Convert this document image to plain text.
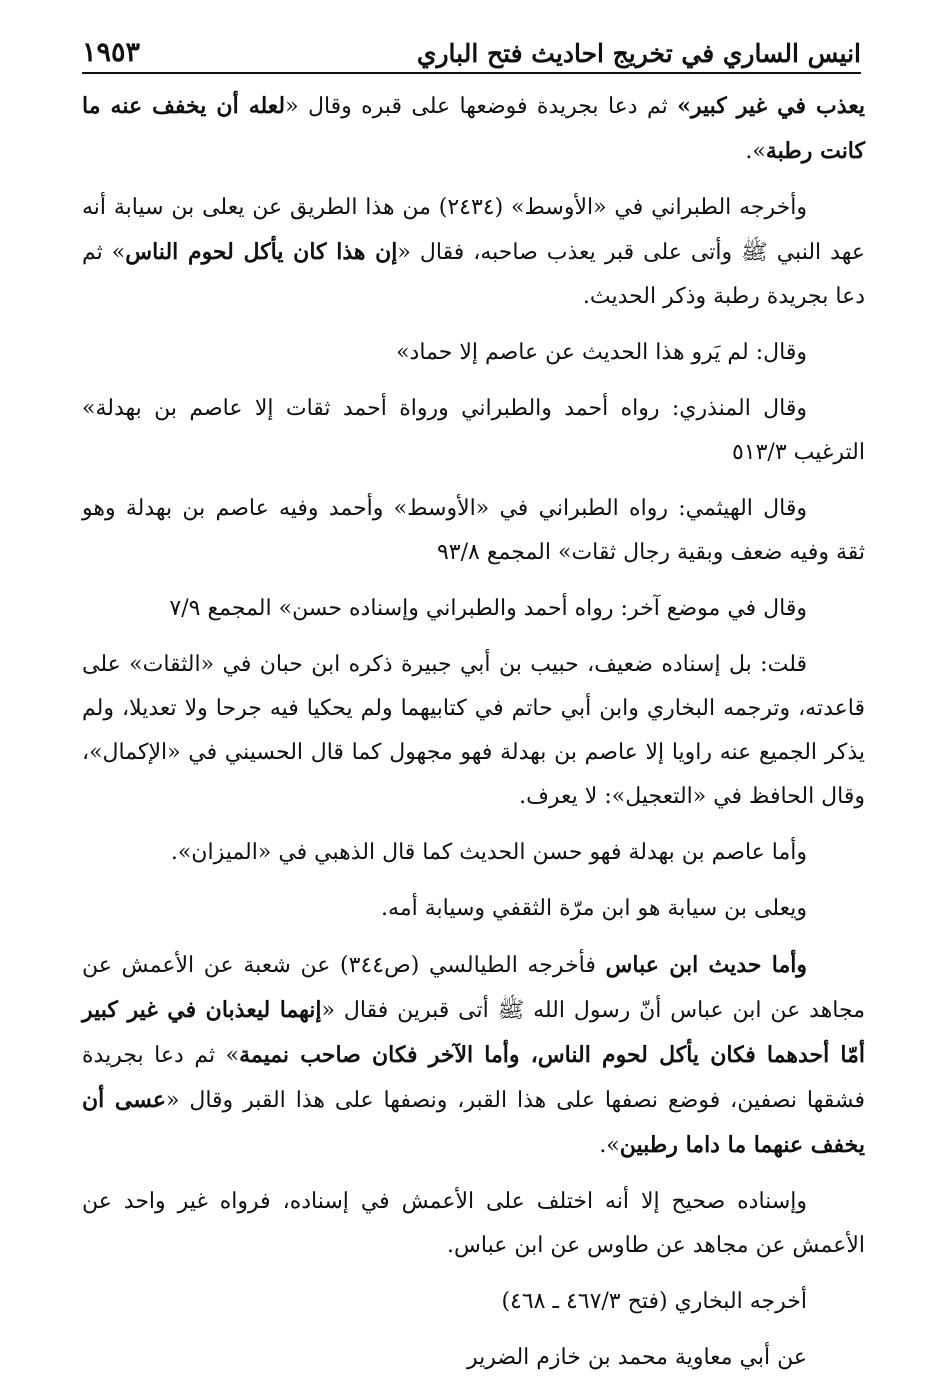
انيس الساري في تخريج احاديث فتح الباري
١٩٥٣

يعذب في غير كبير» ثم دعا بجريدة فوضعها على قبره وقال «لعله أن يخفف عنه ما كانت رطبة».

وأخرجه الطبراني في «الأوسط» (٢٤٣٤) من هذا الطريق عن يعلى بن سيابة أنه عهد النبي ﷺ وأتى على قبر يعذب صاحبه، فقال «إن هذا كان يأكل لحوم الناس» ثم دعا بجريدة رطبة وذكر الحديث.

وقال: لم يَرو هذا الحديث عن عاصم إلا حماد»

وقال المنذري: رواه أحمد والطبراني ورواة أحمد ثقات إلا عاصم بن بهدلة» الترغيب ٥١٣/٣

وقال الهيثمي: رواه الطبراني في «الأوسط» وأحمد وفيه عاصم بن بهدلة وهو ثقة وفيه ضعف وبقية رجال ثقات» المجمع ٩٣/٨

وقال في موضع آخر: رواه أحمد والطبراني وإسناده حسن» المجمع ٧/٩

قلت: بل إسناده ضعيف، حبيب بن أبي جبيرة ذكره ابن حبان في «الثقات» على قاعدته، وترجمه البخاري وابن أبي حاتم في كتابيهما ولم يحكيا فيه جرحا ولا تعديلا، ولم يذكر الجميع عنه راويا إلا عاصم بن بهدلة فهو مجهول كما قال الحسيني في «الإكمال»، وقال الحافظ في «التعجيل»: لا يعرف.

وأما عاصم بن بهدلة فهو حسن الحديث كما قال الذهبي في «الميزان».

ويعلى بن سيابة هو ابن مرّة الثقفي وسيابة أمه.

وأما حديث ابن عباس فأخرجه الطيالسي (ص٣٤٤) عن شعبة عن الأعمش عن مجاهد عن ابن عباس أنّ رسول الله ﷺ أتى قبرين فقال «إنهما ليعذبان في غير كبير أمّا أحدهما فكان يأكل لحوم الناس، وأما الآخر فكان صاحب نميمة» ثم دعا بجريدة فشقها نصفين، فوضع نصفها على هذا القبر، ونصفها على هذا القبر وقال «عسى أن يخفف عنهما ما داما رطبين».

وإسناده صحيح إلا أنه اختلف على الأعمش في إسناده، فرواه غير واحد عن الأعمش عن مجاهد عن طاوس عن ابن عباس.

أخرجه البخاري (فتح ٤٦٧/٣ ـ ٤٦٨)

عن أبي معاوية محمد بن خازم الضرير
